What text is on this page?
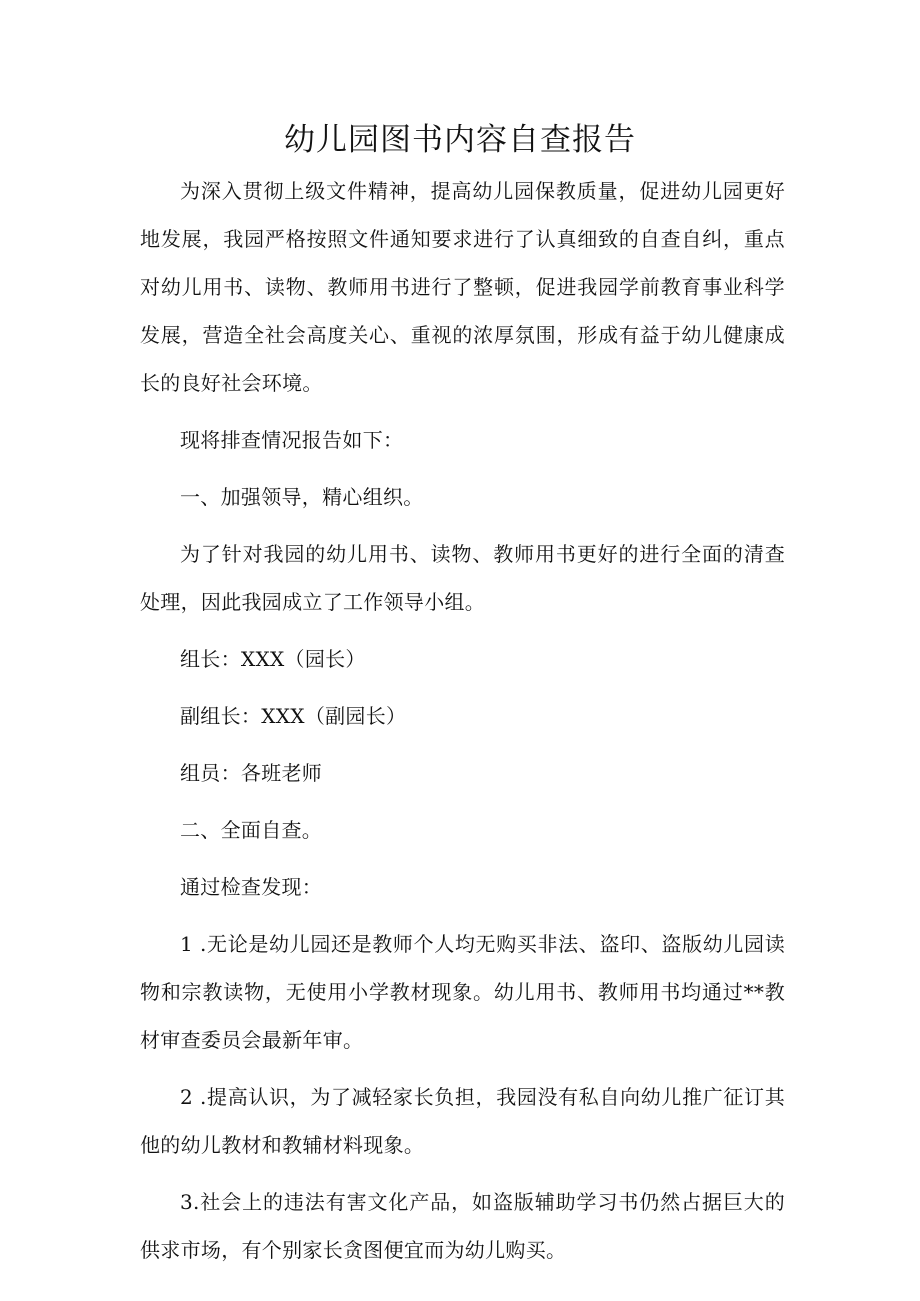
幼儿园图书内容自查报告

为深入贯彻上级文件精神，提高幼儿园保教质量，促进幼儿园更好地发展，我园严格按照文件通知要求进行了认真细致的自查自纠，重点对幼儿用书、读物、教师用书进行了整顿，促进我园学前教育事业科学发展，营造全社会高度关心、重视的浓厚氛围，形成有益于幼儿健康成长的良好社会环境。

现将排查情况报告如下：

一、加强领导，精心组织。

为了针对我园的幼儿用书、读物、教师用书更好的进行全面的清查处理，因此我园成立了工作领导小组。

组长：XXX（园长）

副组长：XXX（副园长）

组员：各班老师

二、全面自查。

通过检查发现：

1 .无论是幼儿园还是教师个人均无购买非法、盗印、盗版幼儿园读物和宗教读物，无使用小学教材现象。幼儿用书、教师用书均通过**教材审查委员会最新年审。

2 .提高认识，为了减轻家长负担，我园没有私自向幼儿推广征订其他的幼儿教材和教辅材料现象。

3.社会上的违法有害文化产品，如盗版辅助学习书仍然占据巨大的供求市场，有个别家长贪图便宜而为幼儿购买。
